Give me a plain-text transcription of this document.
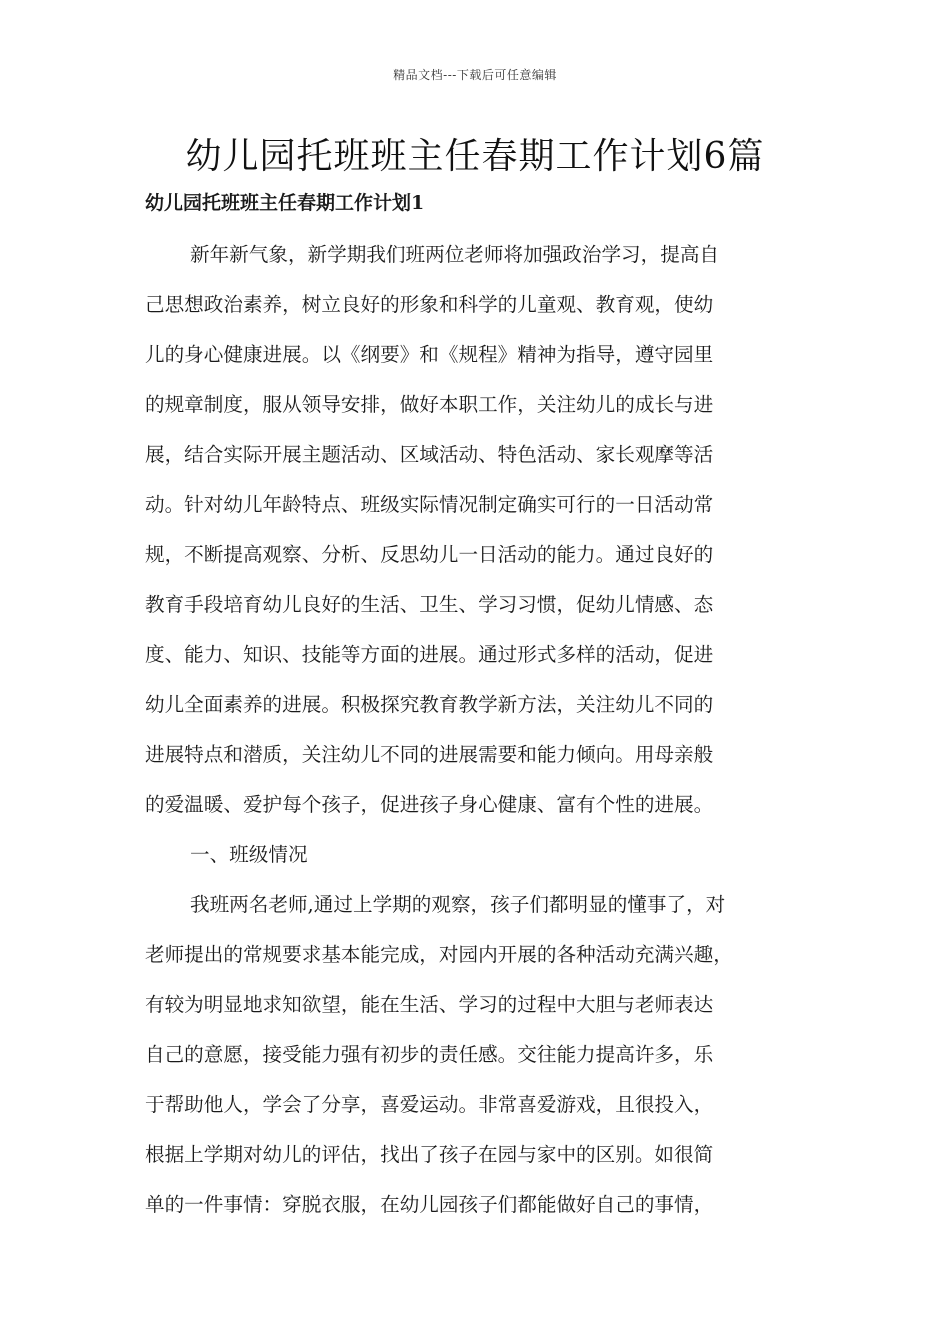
精品文档---下载后可任意编辑
幼儿园托班班主任春期工作计划6篇
幼儿园托班班主任春期工作计划1
新年新气象，新学期我们班两位老师将加强政治学习，提高自
己思想政治素养，树立良好的形象和科学的儿童观、教育观，使幼
儿的身心健康进展。以《纲要》和《规程》精神为指导，遵守园里
的规章制度，服从领导安排，做好本职工作，关注幼儿的成长与进
展，结合实际开展主题活动、区域活动、特色活动、家长观摩等活
动。针对幼儿年龄特点、班级实际情况制定确实可行的一日活动常
规，不断提高观察、分析、反思幼儿一日活动的能力。通过良好的
教育手段培育幼儿良好的生活、卫生、学习习惯，促幼儿情感、态
度、能力、知识、技能等方面的进展。通过形式多样的活动，促进
幼儿全面素养的进展。积极探究教育教学新方法，关注幼儿不同的
进展特点和潜质，关注幼儿不同的进展需要和能力倾向。用母亲般
的爱温暖、爱护每个孩子，促进孩子身心健康、富有个性的进展。
一、班级情况
我班两名老师,通过上学期的观察，孩子们都明显的懂事了，对
老师提出的常规要求基本能完成，对园内开展的各种活动充满兴趣，
有较为明显地求知欲望，能在生活、学习的过程中大胆与老师表达
自己的意愿，接受能力强有初步的责任感。交往能力提高许多，乐
于帮助他人，学会了分享，喜爱运动。非常喜爱游戏，且很投入，
根据上学期对幼儿的评估，找出了孩子在园与家中的区别。如很简
单的一件事情：穿脱衣服，在幼儿园孩子们都能做好自己的事情，
